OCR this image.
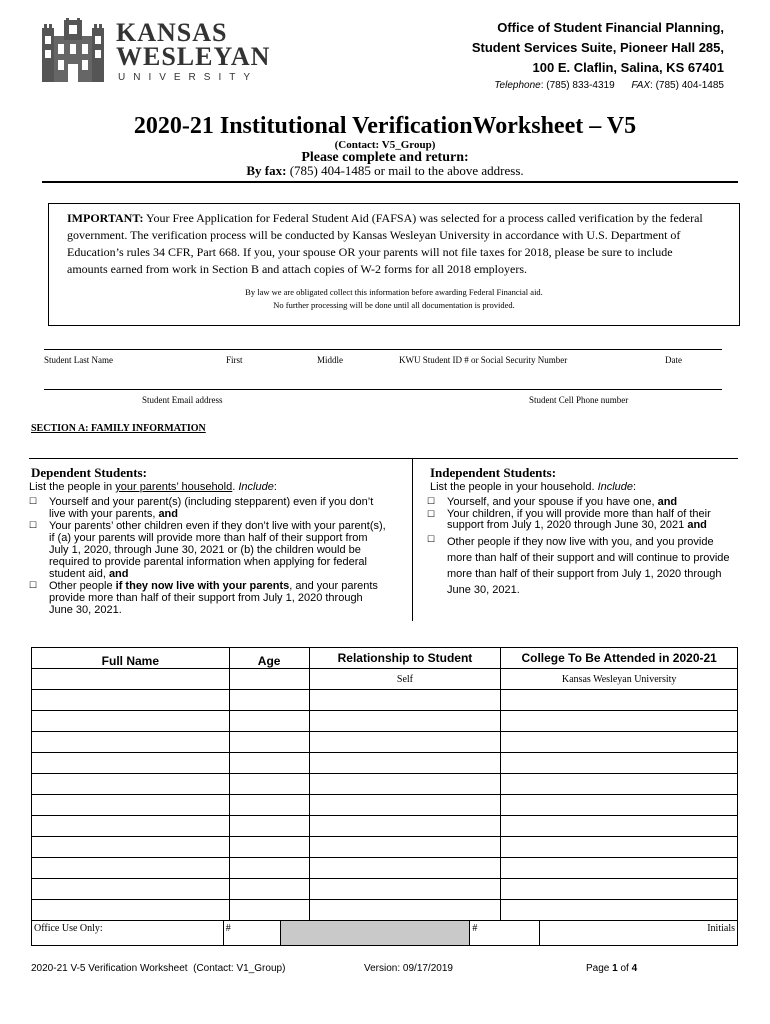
KANSAS
WESLEYAN
UNIVERSITY
Office of Student Financial Planning,
Student Services Suite, Pioneer Hall 285,
100 E. Claflin, Salina, KS 67401
Telephone: (785) 833-4319 FAX: (785) 404-1485
2020-21 Institutional VerificationWorksheet – V5
(Contact: V5_Group)
Please complete and return:
By fax: (785) 404-1485 or mail to the above address.
IMPORTANT: Your Free Application for Federal Student Aid (FAFSA) was selected for a process called verification by the federal government. The verification process will be conducted by Kansas Wesleyan University in accordance with U.S. Department of Education’s rules 34 CFR, Part 668. If you, your spouse OR your parents will not file taxes for 2018, please be sure to include amounts earned from work in Section B and attach copies of W-2 forms for all 2018 employers.
By law we are obligated collect this information before awarding Federal Financial aid.
No further processing will be done until all documentation is provided.
Student Last Name	First	Middle	KWU Student ID # or Social Security Number	Date
Student Email address	Student Cell Phone number
SECTION A: FAMILY INFORMATION
Dependent Students:
List the people in your parents’ household. Include:
☐ Yourself and your parent(s) (including stepparent) even if you don’t live with your parents, and
☐ Your parents’ other children even if they don’t live with your parent(s), if (a) your parents will provide more than half of their support from July 1, 2020, through June 30, 2021 or (b) the children would be required to provide parental information when applying for federal student aid, and
☐ Other people if they now live with your parents, and your parents provide more than half of their support from July 1, 2020 through June 30, 2021.
Independent Students:
List the people in your household. Include:
☐ Yourself, and your spouse if you have one, and
☐ Your children, if you will provide more than half of their support from July 1, 2020 through June 30, 2021 and
☐ Other people if they now live with you, and you provide more than half of their support and will continue to provide more than half of their support from July 1, 2020 through June 30, 2021.
Full Name	Age	Relationship to Student	College To Be Attended in 2020-21
		Self	Kansas Wesleyan University

Office Use Only:	#		#	Initials
2020-21 V-5 Verification Worksheet  (Contact: V1_Group)	Version: 09/17/2019	Page 1 of 4
